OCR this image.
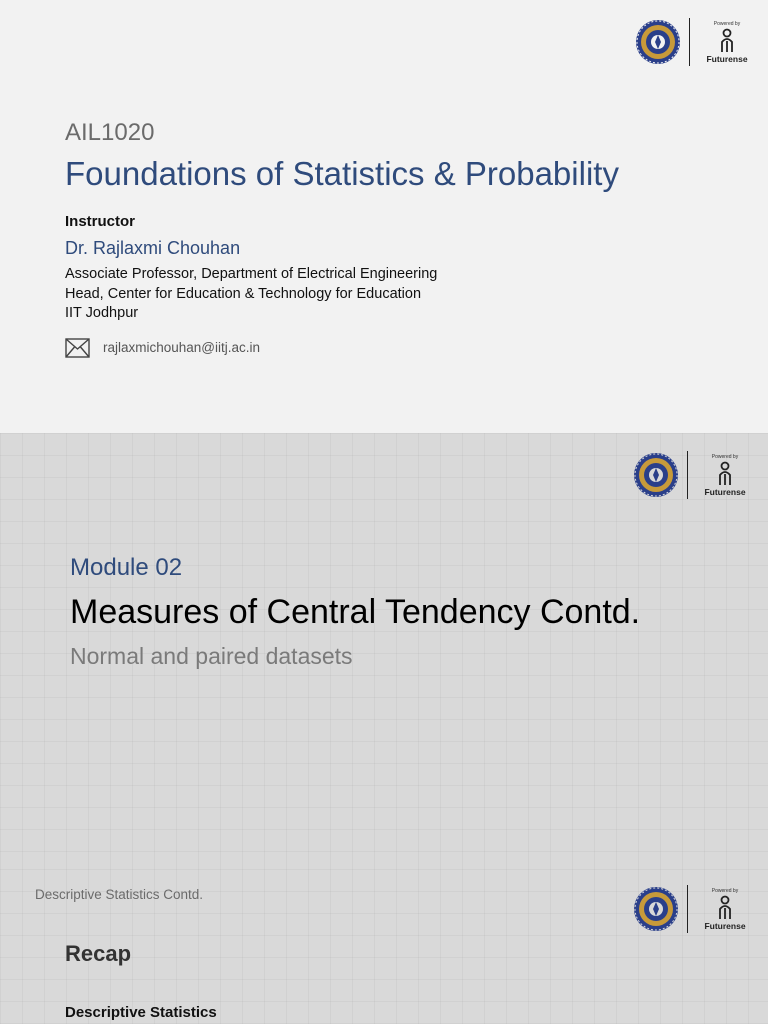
Powered by
Futurense
AIL1020
Foundations of Statistics & Probability
Instructor
Dr. Rajlaxmi Chouhan
Associate Professor, Department of Electrical Engineering
Head, Center for Education & Technology for Education
IIT Jodhpur
rajlaxmichouhan@iitj.ac.in
Powered by
Futurense
Module 02
Measures of Central Tendency Contd.
Normal and paired datasets
Descriptive Statistics Contd.	Powered by
Futurense
Recap
Descriptive Statistics
